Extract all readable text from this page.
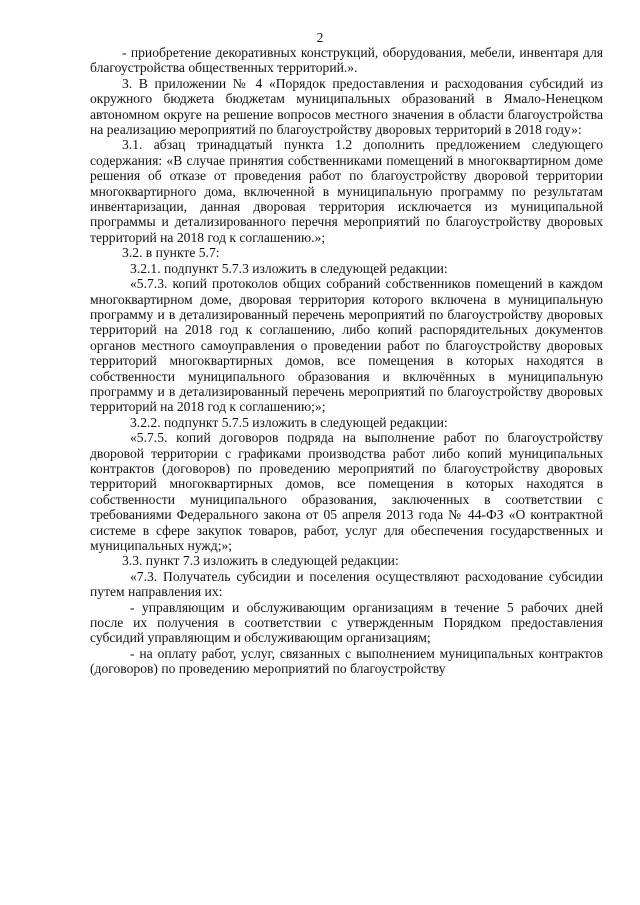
2

- приобретение декоративных конструкций, оборудования, мебели, инвентаря для благоустройства общественных территорий.».

3. В приложении № 4 «Порядок предоставления и расходования субсидий из окружного бюджета бюджетам муниципальных образований в Ямало-Ненецком автономном округе на решение вопросов местного значения в области благоустройства на реализацию мероприятий по благоустройству дворовых территорий в 2018 году»:

3.1. абзац тринадцатый пункта 1.2 дополнить предложением следующего содержания: «В случае принятия собственниками помещений в многоквартирном доме решения об отказе от проведения работ по благоустройству дворовой территории многоквартирного дома, включенной в муниципальную программу по результатам инвентаризации, данная дворовая территория исключается из муниципальной программы и детализированного перечня мероприятий по благоустройству дворовых территорий на 2018 год к соглашению.»;

3.2. в пункте 5.7:

3.2.1. подпункт 5.7.3 изложить в следующей редакции:

«5.7.3. копий протоколов общих собраний собственников помещений в каждом многоквартирном доме, дворовая территория которого включена в муниципальную программу и в детализированный перечень мероприятий по благоустройству дворовых территорий на 2018 год к соглашению, либо копий распорядительных документов органов местного самоуправления о проведении работ по благоустройству дворовых территорий многоквартирных домов, все помещения в которых находятся в собственности муниципального образования и включённых в муниципальную программу и в детализированный перечень мероприятий по благоустройству дворовых территорий на 2018 год к соглашению;»;

3.2.2. подпункт 5.7.5 изложить в следующей редакции:

«5.7.5. копий договоров подряда на выполнение работ по благоустройству дворовой территории с графиками производства работ либо копий муниципальных контрактов (договоров) по проведению мероприятий по благоустройству дворовых территорий многоквартирных домов, все помещения в которых находятся в собственности муниципального образования, заключенных в соответствии с требованиями Федерального закона от 05 апреля 2013 года № 44-ФЗ «О контрактной системе в сфере закупок товаров, работ, услуг для обеспечения государственных и муниципальных нужд;»;

3.3. пункт 7.3 изложить в следующей редакции:

«7.3. Получатель субсидии и поселения осуществляют расходование субсидии путем направления их:

- управляющим и обслуживающим организациям в течение 5 рабочих дней после их получения в соответствии с утвержденным Порядком предоставления субсидий управляющим и обслуживающим организациям;

- на оплату работ, услуг, связанных с выполнением муниципальных контрактов (договоров) по проведению мероприятий по благоустройству
